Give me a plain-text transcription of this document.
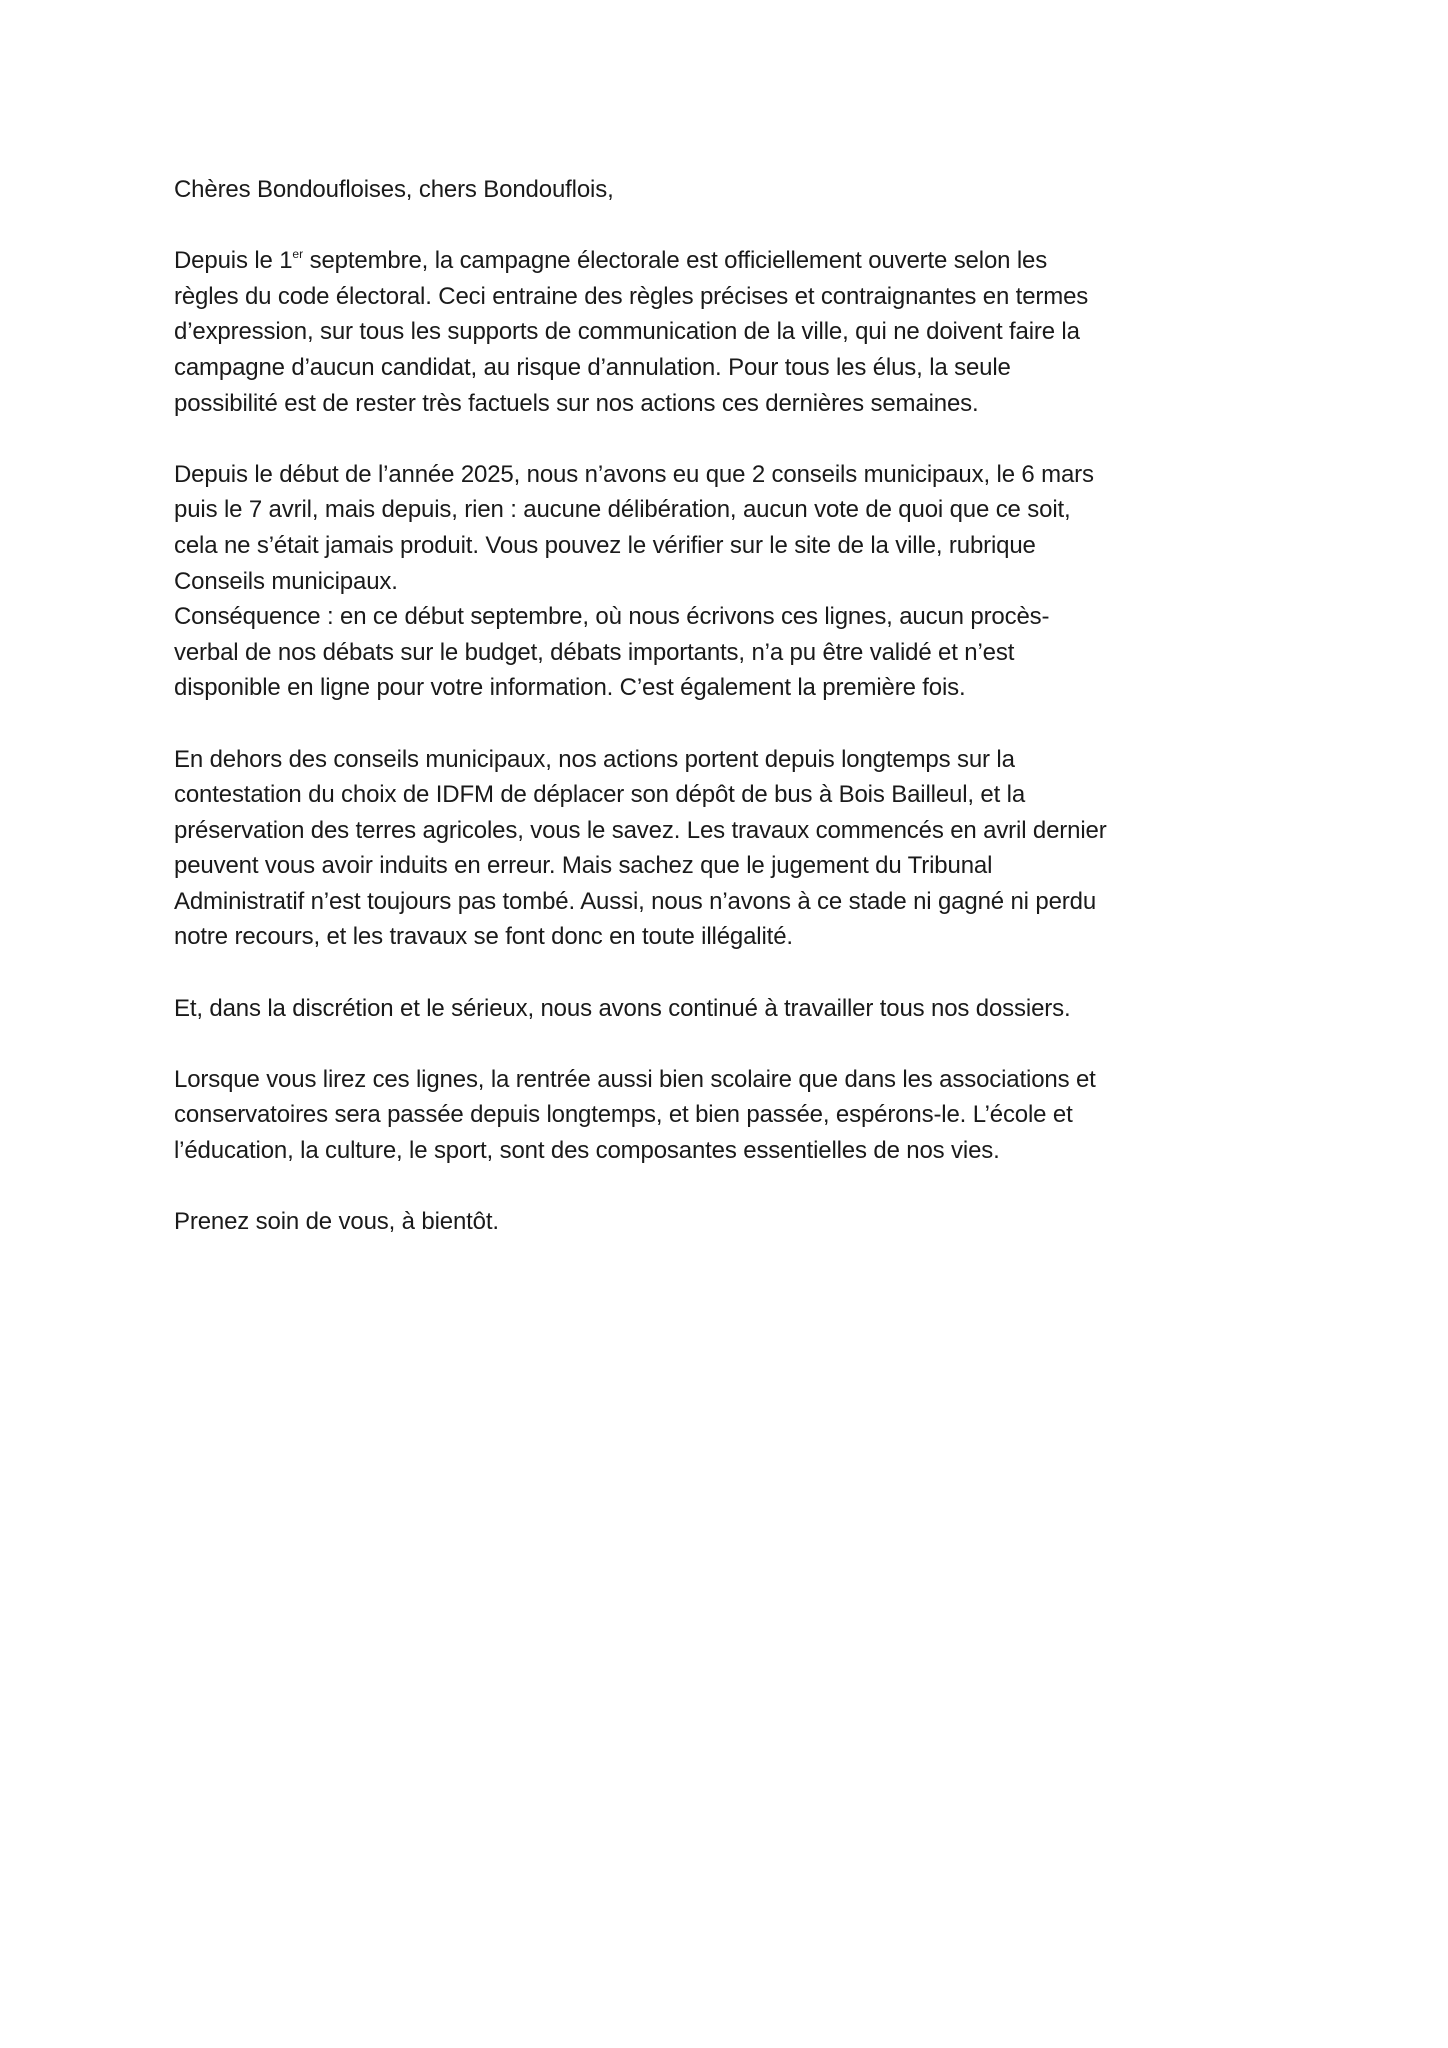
Chères Bondoufloises, chers Bondouflois,
Depuis le 1er septembre, la campagne électorale est officiellement ouverte selon les
règles du code électoral. Ceci entraine des règles précises et contraignantes en termes
d’expression, sur tous les supports de communication de la ville, qui ne doivent faire la
campagne d’aucun candidat, au risque d’annulation. Pour tous les élus, la seule
possibilité est de rester très factuels sur nos actions ces dernières semaines.
Depuis le début de l’année 2025, nous n’avons eu que 2 conseils municipaux, le 6 mars
puis le 7 avril, mais depuis, rien : aucune délibération, aucun vote de quoi que ce soit,
cela ne s’était jamais produit. Vous pouvez le vérifier sur le site de la ville, rubrique
Conseils municipaux.
Conséquence : en ce début septembre, où nous écrivons ces lignes, aucun procès-
verbal de nos débats sur le budget, débats importants, n’a pu être validé et n’est
disponible en ligne pour votre information. C’est également la première fois.
En dehors des conseils municipaux, nos actions portent depuis longtemps sur la
contestation du choix de IDFM de déplacer son dépôt de bus à Bois Bailleul, et la
préservation des terres agricoles, vous le savez. Les travaux commencés en avril dernier
peuvent vous avoir induits en erreur. Mais sachez que le jugement du Tribunal
Administratif n’est toujours pas tombé. Aussi, nous n’avons à ce stade ni gagné ni perdu
notre recours, et les travaux se font donc en toute illégalité.
Et, dans la discrétion et le sérieux, nous avons continué à travailler tous nos dossiers.
Lorsque vous lirez ces lignes, la rentrée aussi bien scolaire que dans les associations et
conservatoires sera passée depuis longtemps, et bien passée, espérons-le. L’école et
l’éducation, la culture, le sport, sont des composantes essentielles de nos vies.
Prenez soin de vous, à bientôt.
